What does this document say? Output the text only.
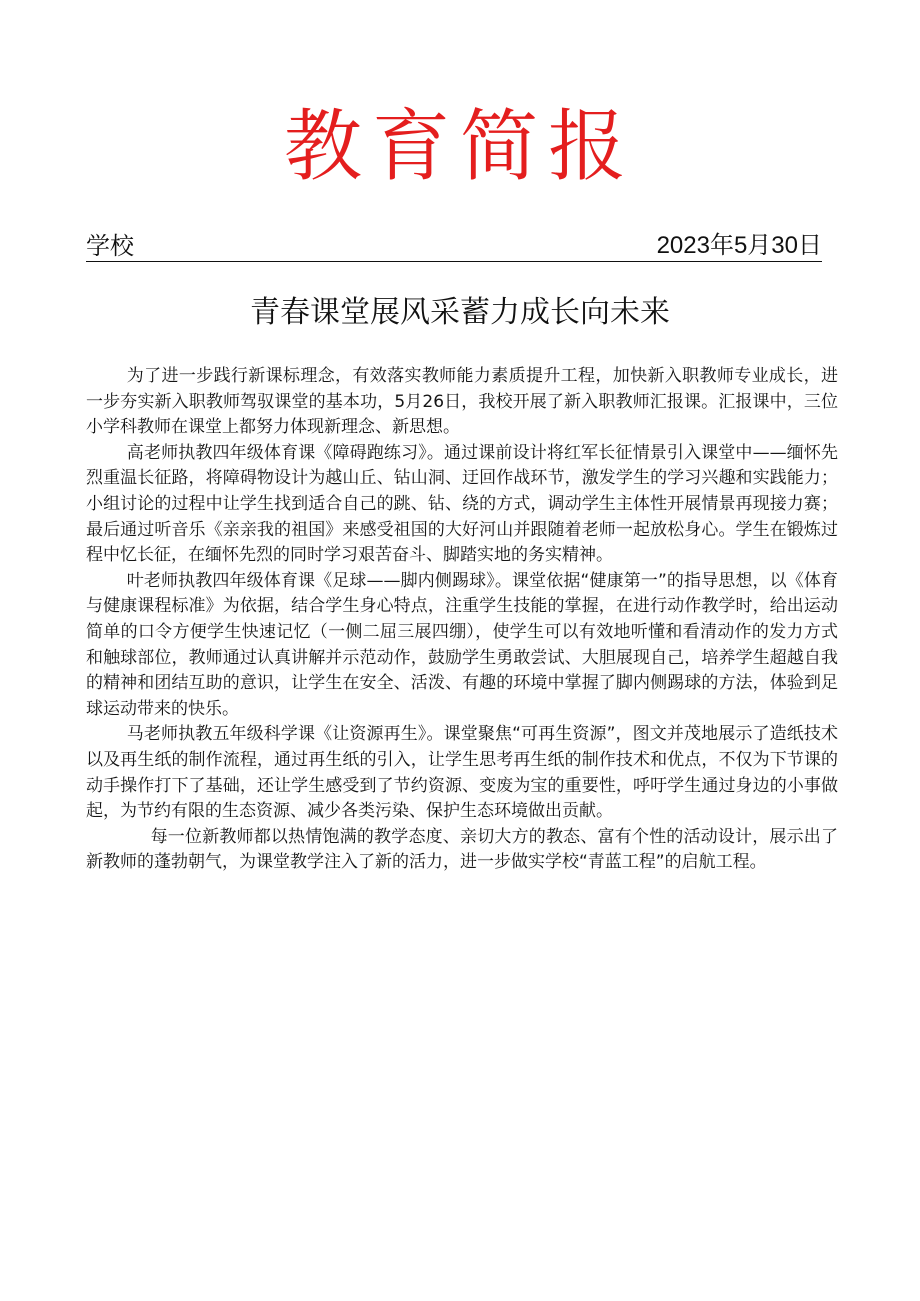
教育简报
学校	2023年5月30日
青春课堂展风采蓄力成长向未来

为了进一步践行新课标理念，有效落实教师能力素质提升工程，加快新入职教师专业成长，进一步夯实新入职教师驾驭课堂的基本功，5月26日，我校开展了新入职教师汇报课。汇报课中，三位小学科教师在课堂上都努力体现新理念、新思想。

高老师执教四年级体育课《障碍跑练习》。通过课前设计将红军长征情景引入课堂中——缅怀先烈重温长征路，将障碍物设计为越山丘、钻山洞、迂回作战环节，激发学生的学习兴趣和实践能力；小组讨论的过程中让学生找到适合自己的跳、钻、绕的方式，调动学生主体性开展情景再现接力赛；最后通过听音乐《亲亲我的祖国》来感受祖国的大好河山并跟随着老师一起放松身心。学生在锻炼过程中忆长征，在缅怀先烈的同时学习艰苦奋斗、脚踏实地的务实精神。

叶老师执教四年级体育课《足球——脚内侧踢球》。课堂依据“健康第一”的指导思想，以《体育与健康课程标准》为依据，结合学生身心特点，注重学生技能的掌握，在进行动作教学时，给出运动简单的口令方便学生快速记忆（一侧二屈三展四绷），使学生可以有效地听懂和看清动作的发力方式和触球部位，教师通过认真讲解并示范动作，鼓励学生勇敢尝试、大胆展现自己，培养学生超越自我的精神和团结互助的意识，让学生在安全、活泼、有趣的环境中掌握了脚内侧踢球的方法，体验到足球运动带来的快乐。

马老师执教五年级科学课《让资源再生》。课堂聚焦“可再生资源”，图文并茂地展示了造纸技术以及再生纸的制作流程，通过再生纸的引入，让学生思考再生纸的制作技术和优点，不仅为下节课的动手操作打下了基础，还让学生感受到了节约资源、变废为宝的重要性，呼吁学生通过身边的小事做起，为节约有限的生态资源、减少各类污染、保护生态环境做出贡献。

每一位新教师都以热情饱满的教学态度、亲切大方的教态、富有个性的活动设计，展示出了新教师的蓬勃朝气，为课堂教学注入了新的活力，进一步做实学校“青蓝工程”的启航工程。
